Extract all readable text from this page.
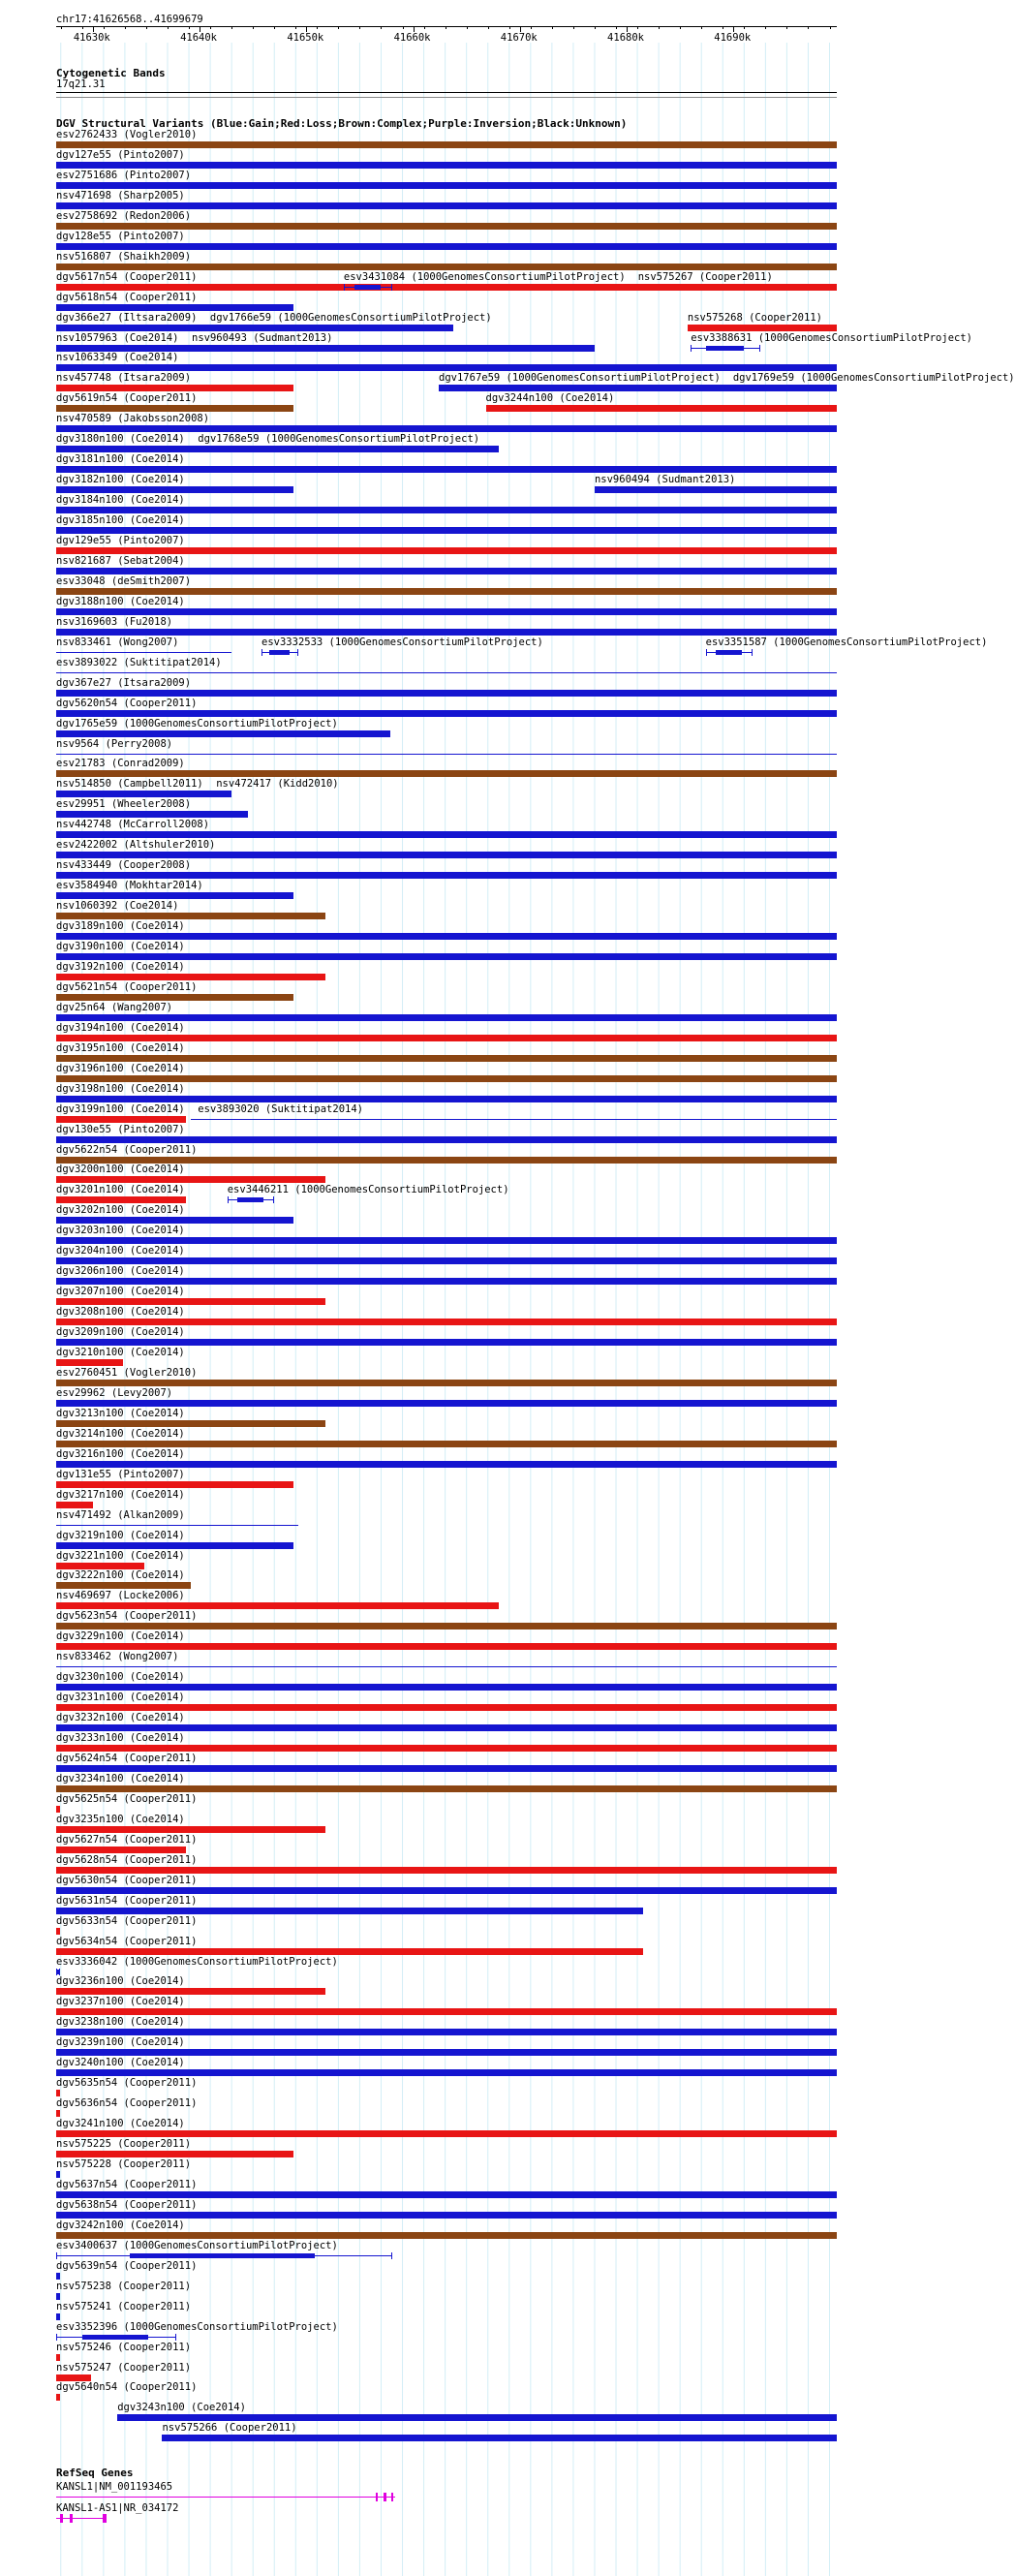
chr17:41626568..41699679
41630k	41640k	41650k	41660k	41670k	41680k	41690k
Cytogenetic Bands
17q21.31
DGV Structural Variants (Blue:Gain;Red:Loss;Brown:Complex;Purple:Inversion;Black:Unknown)
esv2762433 (Vogler2010)
dgv127e55 (Pinto2007)
esv2751686 (Pinto2007)
nsv471698 (Sharp2005)
esv2758692 (Redon2006)
dgv128e55 (Pinto2007)
nsv516807 (Shaikh2009)
dgv5617n54 (Cooper2011)	esv3431084 (1000GenomesConsortiumPilotProject) nsv575267 (Cooper2011)
dgv5618n54 (Cooper2011)
dgv366e27 (Iltsara2009) dgv1766e59 (1000GenomesConsortiumPilotProject)	nsv575268 (Cooper2011)
nsv1057963 (Coe2014) nsv960493 (Sudmant2013)	esv3388631 (1000GenomesConsortiumPilotProject)
nsv1063349 (Coe2014)
nsv457748 (Itsara2009)	dgv1767e59 (1000GenomesConsortiumPilotProject) dgv1769e59 (1000GenomesConsortiumPilotProject)
dgv5619n54 (Cooper2011)	dgv3244n100 (Coe2014)
nsv470589 (Jakobsson2008)
dgv3180n100 (Coe2014) dgv1768e59 (1000GenomesConsortiumPilotProject)
dgv3181n100 (Coe2014)
dgv3182n100 (Coe2014)	nsv960494 (Sudmant2013)
dgv3184n100 (Coe2014)
dgv3185n100 (Coe2014)
dgv129e55 (Pinto2007)
nsv821687 (Sebat2004)
esv33048 (deSmith2007)
dgv3188n100 (Coe2014)
nsv3169603 (Fu2018)
nsv833461 (Wong2007)	esv3332533 (1000GenomesConsortiumPilotProject)	esv3351587 (1000GenomesConsortiumPilotProject)
esv3893022 (Suktitipat2014)
dgv367e27 (Itsara2009)
dgv5620n54 (Cooper2011)
dgv1765e59 (1000GenomesConsortiumPilotProject)
nsv9564 (Perry2008)
esv21783 (Conrad2009)
nsv514850 (Campbell2011) nsv472417 (Kidd2010)
esv29951 (Wheeler2008)
nsv442748 (McCarroll2008)
esv2422002 (Altshuler2010)
nsv433449 (Cooper2008)
esv3584940 (Mokhtar2014)
nsv1060392 (Coe2014)
dgv3189n100 (Coe2014)
dgv3190n100 (Coe2014)
dgv3192n100 (Coe2014)
dgv5621n54 (Cooper2011)
dgv25n64 (Wang2007)
dgv3194n100 (Coe2014)
dgv3195n100 (Coe2014)
dgv3196n100 (Coe2014)
dgv3198n100 (Coe2014)
dgv3199n100 (Coe2014) esv3893020 (Suktitipat2014)
dgv130e55 (Pinto2007)
dgv5622n54 (Cooper2011)
dgv3200n100 (Coe2014)
dgv3201n100 (Coe2014)	esv3446211 (1000GenomesConsortiumPilotProject)
dgv3202n100 (Coe2014)
dgv3203n100 (Coe2014)
dgv3204n100 (Coe2014)
dgv3206n100 (Coe2014)
dgv3207n100 (Coe2014)
dgv3208n100 (Coe2014)
dgv3209n100 (Coe2014)
dgv3210n100 (Coe2014)
esv2760451 (Vogler2010)
esv29962 (Levy2007)
dgv3213n100 (Coe2014)
dgv3214n100 (Coe2014)
dgv3216n100 (Coe2014)
dgv131e55 (Pinto2007)
dgv3217n100 (Coe2014)
nsv471492 (Alkan2009)
dgv3219n100 (Coe2014)
dgv3221n100 (Coe2014)
dgv3222n100 (Coe2014)
nsv469697 (Locke2006)
dgv5623n54 (Cooper2011)
dgv3229n100 (Coe2014)
nsv833462 (Wong2007)
dgv3230n100 (Coe2014)
dgv3231n100 (Coe2014)
dgv3232n100 (Coe2014)
dgv3233n100 (Coe2014)
dgv5624n54 (Cooper2011)
dgv3234n100 (Coe2014)
dgv5625n54 (Cooper2011)
dgv3235n100 (Coe2014)
dgv5627n54 (Cooper2011)
dgv5628n54 (Cooper2011)
dgv5630n54 (Cooper2011)
dgv5631n54 (Cooper2011)
dgv5633n54 (Cooper2011)
dgv5634n54 (Cooper2011)
esv3336042 (1000GenomesConsortiumPilotProject)
dgv3236n100 (Coe2014)
dgv3237n100 (Coe2014)
dgv3238n100 (Coe2014)
dgv3239n100 (Coe2014)
dgv3240n100 (Coe2014)
dgv5635n54 (Cooper2011)
dgv5636n54 (Cooper2011)
dgv3241n100 (Coe2014)
nsv575225 (Cooper2011)
nsv575228 (Cooper2011)
dgv5637n54 (Cooper2011)
dgv5638n54 (Cooper2011)
dgv3242n100 (Coe2014)
esv3400637 (1000GenomesConsortiumPilotProject)
dgv5639n54 (Cooper2011)
nsv575238 (Cooper2011)
nsv575241 (Cooper2011)
esv3352396 (1000GenomesConsortiumPilotProject)
nsv575246 (Cooper2011)
nsv575247 (Cooper2011)
dgv5640n54 (Cooper2011)
dgv3243n100 (Coe2014)
nsv575266 (Cooper2011)
RefSeq Genes
KANSL1|NM_001193465
KANSL1-AS1|NR_034172
